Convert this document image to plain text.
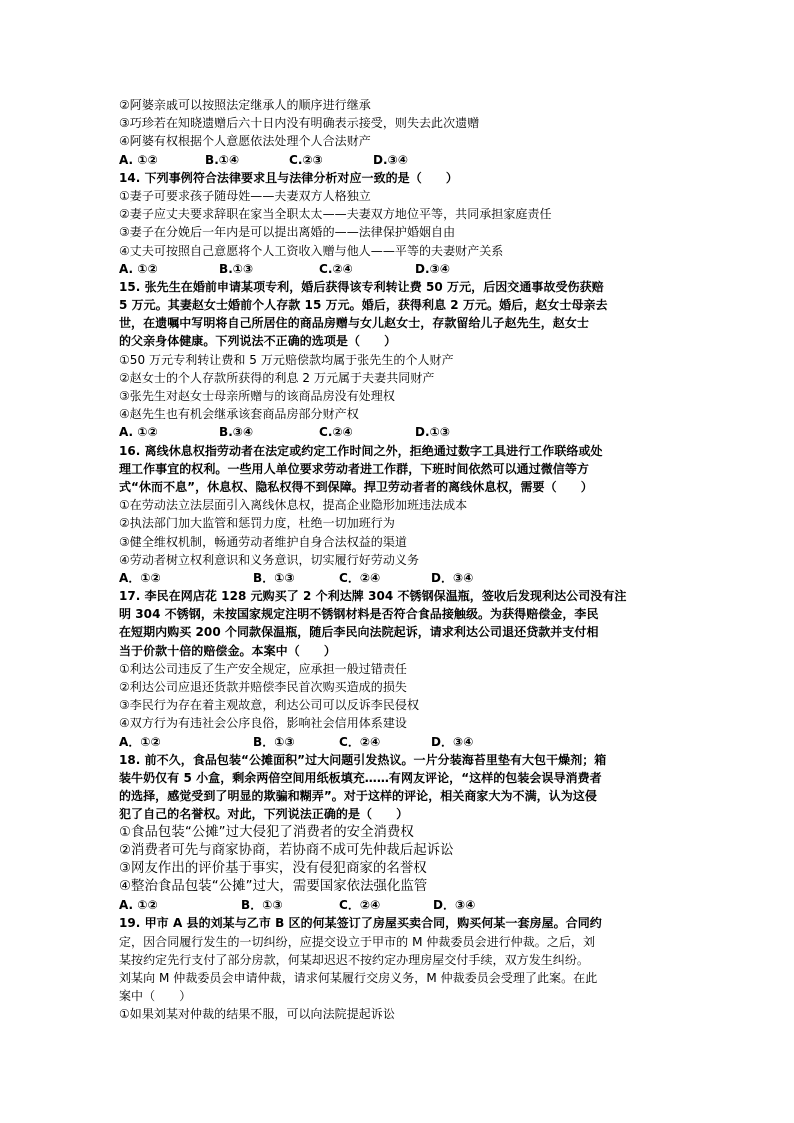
②阿婆亲戚可以按照法定继承人的顺序进行继承
③巧珍若在知晓遗赠后六十日内没有明确表示接受，则失去此次遗赠
④阿婆有权根据个人意愿依法处理个人合法财产
A. ①②	B.①④	C.②③	D.③④
14. 下列事例符合法律要求且与法律分析对应一致的是（　　）
①妻子可要求孩子随母姓——夫妻双方人格独立
②妻子应丈夫要求辞职在家当全职太太——夫妻双方地位平等，共同承担家庭责任
③妻子在分娩后一年内是可以提出离婚的——法律保护婚姻自由
④丈夫可按照自己意愿将个人工资收入赠与他人——平等的夫妻财产关系
A. ①②	B.①③	C.②④	D.③④
15. 张先生在婚前申请某项专利，婚后获得该专利转让费 50 万元，后因交通事故受伤获赔
5 万元。其妻赵女士婚前个人存款 15 万元。婚后，获得利息 2 万元。婚后，赵女士母亲去
世，在遗嘱中写明将自己所居住的商品房赠与女儿赵女士，存款留给儿子赵先生，赵女士
的父亲身体健康。下列说法不正确的选项是（　　）
①50 万元专利转让费和 5 万元赔偿款均属于张先生的个人财产
②赵女士的个人存款所获得的利息 2 万元属于夫妻共同财产
③张先生对赵女士母亲所赠与的该商品房没有处理权
④赵先生也有机会继承该套商品房部分财产权
A. ①②	B.③④	C.②④	D.①③
16. 离线休息权指劳动者在法定或约定工作时间之外，拒绝通过数字工具进行工作联络或处
理工作事宜的权利。一些用人单位要求劳动者进工作群，下班时间依然可以通过微信等方
式“休而不息”，休息权、隐私权得不到保障。捍卫劳动者者的离线休息权，需要（　　）
①在劳动法立法层面引入离线休息权，提高企业隐形加班违法成本
②执法部门加大监管和惩罚力度，杜绝一切加班行为
③健全维权机制，畅通劳动者维护自身合法权益的渠道
④劳动者树立权利意识和义务意识，切实履行好劳动义务
A．①②	B．①③	C．②④	D．③④
17. 李民在网店花 128 元购买了 2 个利达牌 304 不锈钢保温瓶，签收后发现利达公司没有注
明 304 不锈钢，未按国家规定注明不锈钢材料是否符合食品接触级。为获得赔偿金，李民
在短期内购买 200 个同款保温瓶，随后李民向法院起诉，请求利达公司退还贷款并支付相
当于价款十倍的赔偿金。本案中（　　）
①利达公司违反了生产安全规定，应承担一般过错责任
②利达公司应退还货款并赔偿李民首次购买造成的损失
③李民行为存在着主观故意，利达公司可以反诉李民侵权
④双方行为有违社会公序良俗，影响社会信用体系建设
A．①②	B．①③	C．②④	D．③④
18. 前不久，食品包装“公摊面积”过大问题引发热议。一片分装海苔里垫有大包干燥剂；箱
装牛奶仅有 5 小盒，剩余两倍空间用纸板填充……有网友评论，“这样的包装会误导消费者
的选择，感觉受到了明显的欺骗和糊弄”。对于这样的评论，相关商家大为不满，认为这侵
犯了自己的名誉权。对此，下列说法正确的是（　　）
①食品包装“公摊”过大侵犯了消费者的安全消费权
②消费者可先与商家协商，若协商不成可先仲裁后起诉讼
③网友作出的评价基于事实，没有侵犯商家的名誉权
④整治食品包装“公摊”过大，需要国家依法强化监管
A. ①②	B．①③	C．②④	D．③④
19. 甲市 A 县的刘某与乙市 B 区的何某签订了房屋买卖合同，购买何某一套房屋。合同约
定，因合同履行发生的一切纠纷，应提交设立于甲市的 M 仲裁委员会进行仲裁。之后，刘
某按约定先行支付了部分房款，何某却迟迟不按约定办理房屋交付手续，双方发生纠纷。
刘某向 M 仲裁委员会申请仲裁，请求何某履行交房义务，M 仲裁委员会受理了此案。在此
案中（　　）
①如果刘某对仲裁的结果不服，可以向法院提起诉讼
